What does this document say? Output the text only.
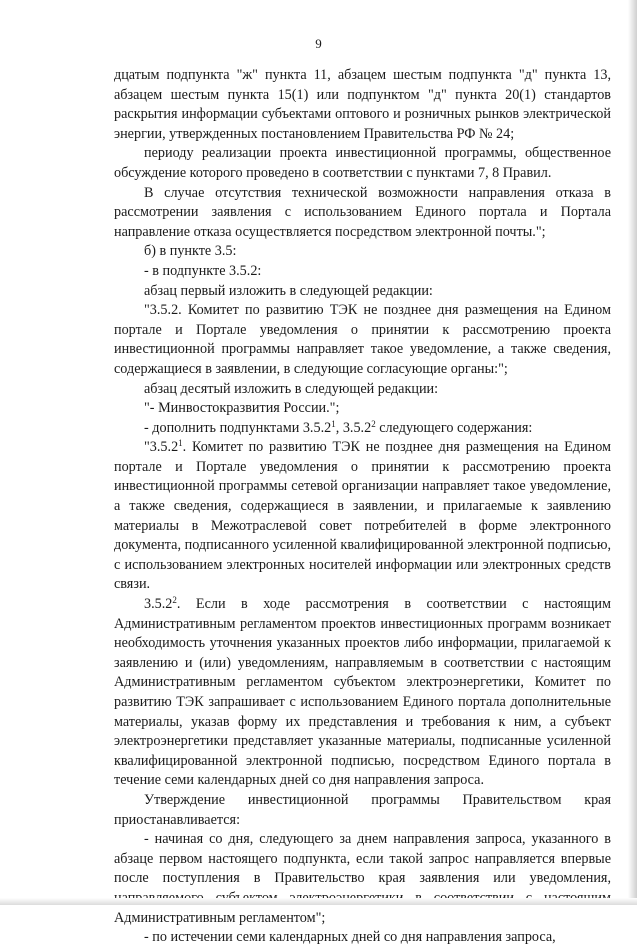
9

дцатым подпункта "ж" пункта 11, абзацем шестым подпункта "д" пункта 13, абзацем шестым пункта 15(1) или подпунктом "д" пункта 20(1) стандартов раскрытия информации субъектами оптового и розничных рынков электрической энергии, утвержденных постановлением Правительства РФ № 24;

периоду реализации проекта инвестиционной программы, общественное обсуждение которого проведено в соответствии с пунктами 7, 8 Правил.

В случае отсутствия технической возможности направления отказа в рассмотрении заявления с использованием Единого портала и Портала направление отказа осуществляется посредством электронной почты.";

б) в пункте 3.5:

- в подпункте 3.5.2:

абзац первый изложить в следующей редакции:

"3.5.2. Комитет по развитию ТЭК не позднее дня размещения на Едином портале и Портале уведомления о принятии к рассмотрению проекта инвестиционной программы направляет такое уведомление, а также сведения, содержащиеся в заявлении, в следующие согласующие органы:";

абзац десятый изложить в следующей редакции:

"- Минвостокразвития России.";

- дополнить подпунктами 3.5.2$^1$, 3.5.2$^2$ следующего содержания:

"3.5.2$^1$. Комитет по развитию ТЭК не позднее дня размещения на Едином портале и Портале уведомления о принятии к рассмотрению проекта инвестиционной программы сетевой организации направляет такое уведомление, а также сведения, содержащиеся в заявлении, и прилагаемые к заявлению материалы в Межотраслевой совет потребителей в форме электронного документа, подписанного усиленной квалифицированной электронной подписью, с использованием электронных носителей информации или электронных средств связи.

3.5.2$^2$. Если в ходе рассмотрения в соответствии с настоящим Административным регламентом проектов инвестиционных программ возникает необходимость уточнения указанных проектов либо информации, прилагаемой к заявлению и (или) уведомлениям, направляемым в соответствии с настоящим Административным регламентом субъектом электроэнергетики, Комитет по развитию ТЭК запрашивает с использованием Единого портала дополнительные материалы, указав форму их представления и требования к ним, а субъект электроэнергетики представляет указанные материалы, подписанные усиленной квалифицированной электронной подписью, посредством Единого портала в течение семи календарных дней со дня направления запроса.

Утверждение инвестиционной программы Правительством края приостанавливается:

- начиная со дня, следующего за днем направления запроса, указанного в абзаце первом настоящего подпункта, если такой запрос направляется впервые после поступления в Правительство края заявления или уведомления, Административным регламентом";

- по истечении семи календарных дней со дня направления запроса,
